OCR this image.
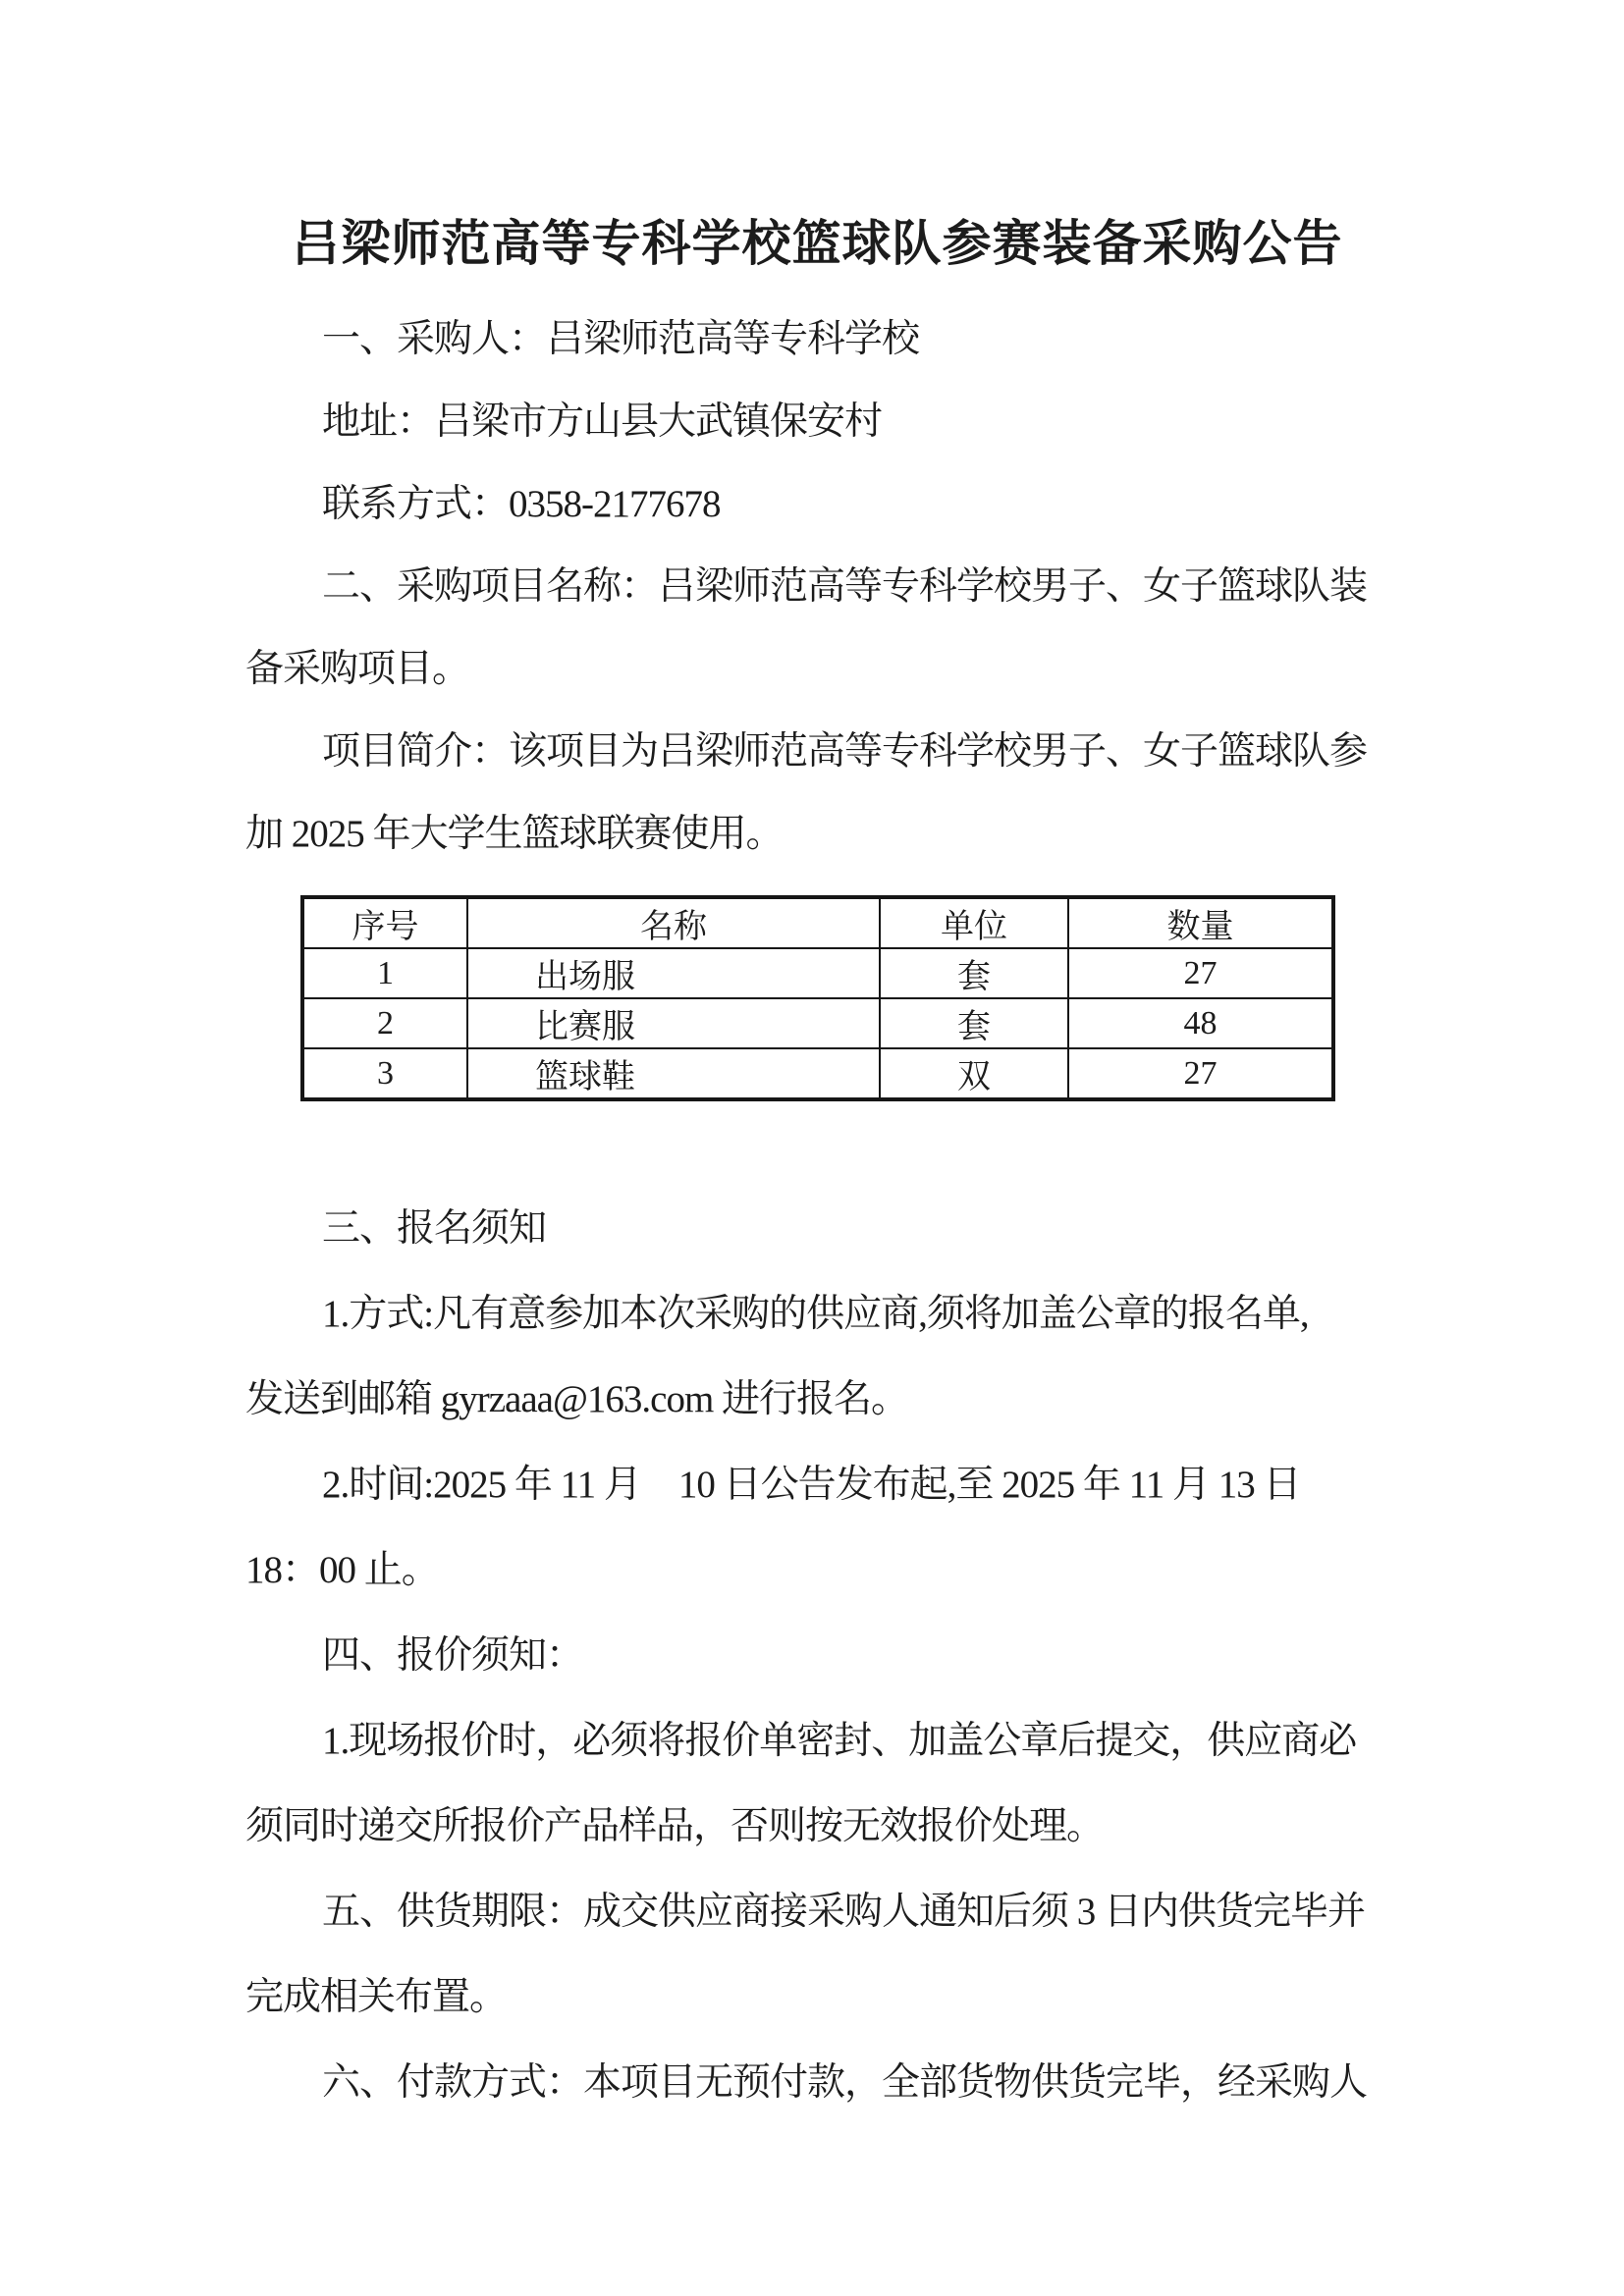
吕梁师范高等专科学校篮球队参赛装备采购公告
一、采购人：吕梁师范高等专科学校
地址：吕梁市方山县大武镇保安村
联系方式：0358-2177678
二、采购项目名称：吕梁师范高等专科学校男子、女子篮球队装
备采购项目。
项目简介：该项目为吕梁师范高等专科学校男子、女子篮球队参
加 2025 年大学生篮球联赛使用。
序号	名称	单位	数量
1	出场服	套	27
2	比赛服	套	48
3	篮球鞋	双	27
三、报名须知
1.方式:凡有意参加本次采购的供应商,须将加盖公章的报名单,
发送到邮箱 gyrzaaa@163.com 进行报名。
2.时间:2025 年 11 月　10 日公告发布起,至 2025 年 11 月 13 日
18：00 止。
四、报价须知：
1.现场报价时，必须将报价单密封、加盖公章后提交，供应商必
须同时递交所报价产品样品，否则按无效报价处理。
五、供货期限：成交供应商接采购人通知后须 3 日内供货完毕并
完成相关布置。
六、付款方式：本项目无预付款，全部货物供货完毕，经采购人
